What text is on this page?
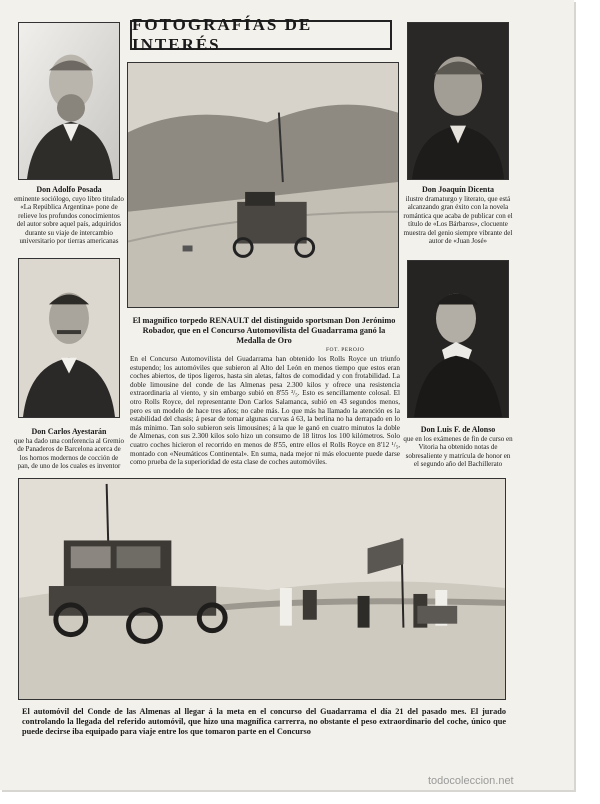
FOTOGRAFÍAS DE INTERÉS
Don Adolfo Posada
eminente sociólogo, cuyo libro titulado «La República Argentina» pone de relieve los profundos conocimientos del autor sobre aquel país, adquiridos durante su viaje de intercambio universitario por tierras americanas
Don Joaquín Dicenta
ilustre dramaturgo y literato, que está alcanzando gran éxito con la novela romántica que acaba de publicar con el título de «Los Bárbaros», clocuente muestra del genio siempre vibrante del autor de «Juan José»
El magnífico torpedo RENAULT del distinguido sportsman Don Jerónimo Robador, que en el Concurso Automovilista del Guadarrama ganó la Medalla de Oro
FOT. PEROJO
Don Carlos Ayestarán
que ha dado una conferencia al Gremio de Panaderos de Barcelona acerca de los hornos modernos de cocción de pan, de uno de los cuales es inventor
Don Luis F. de Alonso
que en los exámenes de fin de curso en Vitoria ha obtenido notas de sobresaliente y matrícula de honor en el segundo año del Bachillerato
En el Concurso Automovilista del Guadarrama han obtenido los Rolls Royce un triunfo estupendo; los automóviles que subieron al Alto del León en menos tiempo que estos eran coches abiertos, de tipos ligeros, hasta sin aletas, faltos de comodidad y con frotabilidad. La doble limousine del conde de las Almenas pesa 2.300 kilos y ofrece una resistencia extraordinaria al viento, y sin embargo subió en 8'55 ²/₅. Esto es sencillamente colosal. El otro Rolls Royce, del representante Don Carlos Salamanca, subió en 43 segundos menos, pero es un modelo de hace tres años; no cabe más. Lo que más ha llamado la atención es la estabilidad del chasis; á pesar de tomar algunas curvas á 63, la berlina no ha derrapado en lo más mínimo. Tan solo subieron seis limousines; á la que le ganó en cuatro minutos la doble de Almenas, con sus 2.300 kilos solo hizo un consumo de 18 litros los 100 kilómetros. Solo cuatro coches hicieron el recorrido en menos de 8'55, entre ellos el Rolls Royce en 8'12 ¹/₅, montado con «Neumáticos Continental». En suma, nada mejor ni más elocuente puede darse como prueba de la superioridad de esta clase de coches automóviles.
El automóvil del Conde de las Almenas al llegar á la meta en el concurso del Guadarrama el día 21 del pasado mes. El jurado controlando la llegada del referido automóvil, que hizo una magnífica carrerra, no obstante el peso extraordinario del coche, único que puede decirse iba equipado para viaje entre los que tomaron parte en el Concurso
todocoleccion.net
